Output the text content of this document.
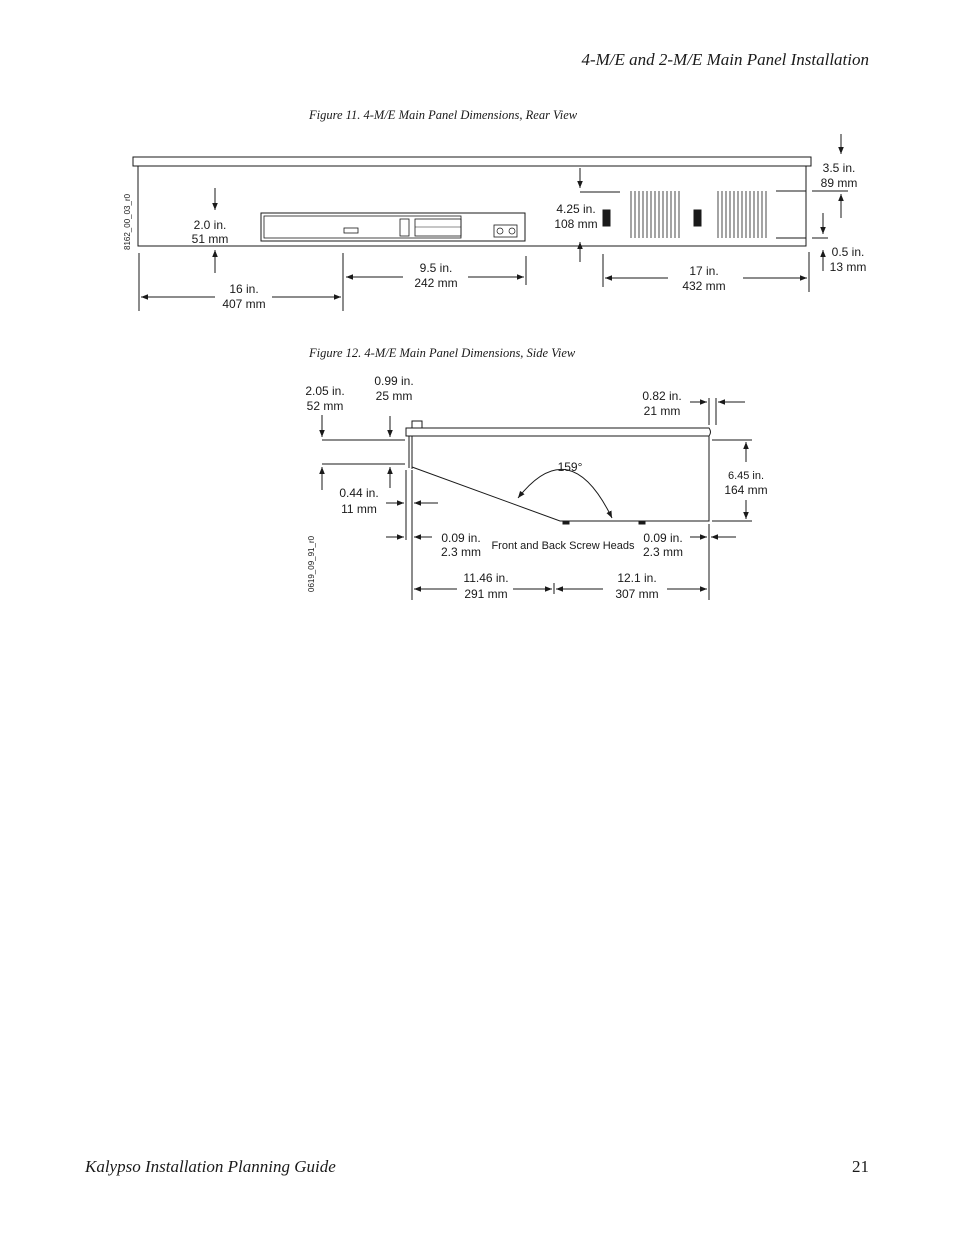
4-M/E and 2-M/E Main Panel Installation
Figure 11. 4-M/E Main Panel Dimensions, Rear View
Figure 12. 4-M/E Main Panel Dimensions, Side View
8162_00_03_r0	2.0 in.
51 mm
16 in.
407 mm
9.5 in.
242 mm
4.25 in.
108 mm
17 in.
432 mm
3.5 in.
89 mm
0.5 in.
13 mm
0619_09_91_r0
2.05 in.
52 mm
0.99 in.
25 mm	0.82 in.
21 mm
6.45 in.
164 mm
159°
0.44 in.
11 mm
0.09 in.
2.3 mm Front and Back Screw Heads
0.09 in.
2.3 mm
11.46 in.
291 mm
12.1 in.
307 mm
Kalypso Installation Planning Guide	21
